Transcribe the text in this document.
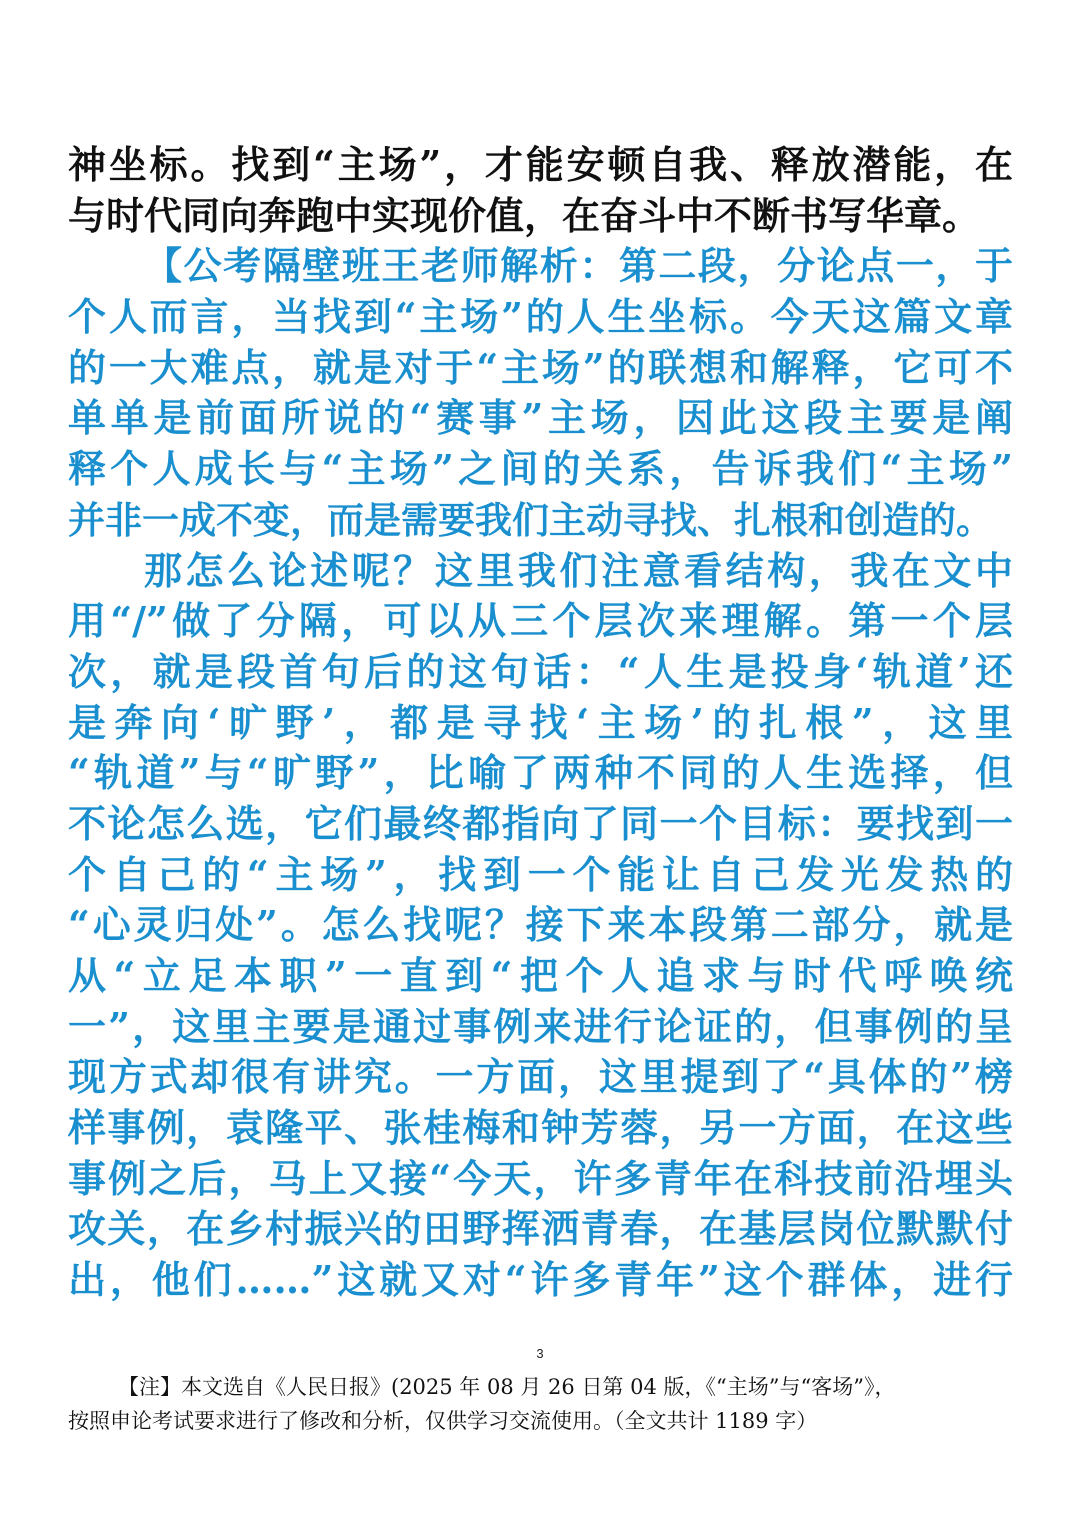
神坐标。找到“主场”，才能安顿自我、释放潜能，在
与时代同向奔跑中实现价值，在奋斗中不断书写华章。
【公考隔壁班王老师解析：第二段，分论点一，于
个人而言，当找到“主场”的人生坐标。今天这篇文章
的一大难点，就是对于“主场”的联想和解释，它可不
单单是前面所说的“赛事”主场，因此这段主要是阐
释个人成长与“主场”之间的关系，告诉我们“主场”
并非一成不变，而是需要我们主动寻找、扎根和创造的。
那怎么论述呢？这里我们注意看结构，我在文中
用“/”做了分隔，可以从三个层次来理解。第一个层
次，就是段首句后的这句话：“人生是投身‘轨道’还
是奔向‘旷野’，都是寻找‘主场’的扎根”，这里
“轨道”与“旷野”，比喻了两种不同的人生选择，但
不论怎么选，它们最终都指向了同一个目标：要找到一
个自己的“主场”，找到一个能让自己发光发热的
“心灵归处”。怎么找呢？接下来本段第二部分，就是
从“立足本职”一直到“把个人追求与时代呼唤统
一”，这里主要是通过事例来进行论证的，但事例的呈
现方式却很有讲究。一方面，这里提到了“具体的”榜
样事例，袁隆平、张桂梅和钟芳蓉，另一方面，在这些
事例之后，马上又接“今天，许多青年在科技前沿埋头
攻关，在乡村振兴的田野挥洒青春，在基层岗位默默付
出，他们……”这就又对“许多青年”这个群体，进行
3
【注】本文选自《人民日报》(2025 年 08 月 26 日第 04 版，《“主场”与“客场”》，
按照申论考试要求进行了修改和分析，仅供学习交流使用。（全文共计 1189 字）
